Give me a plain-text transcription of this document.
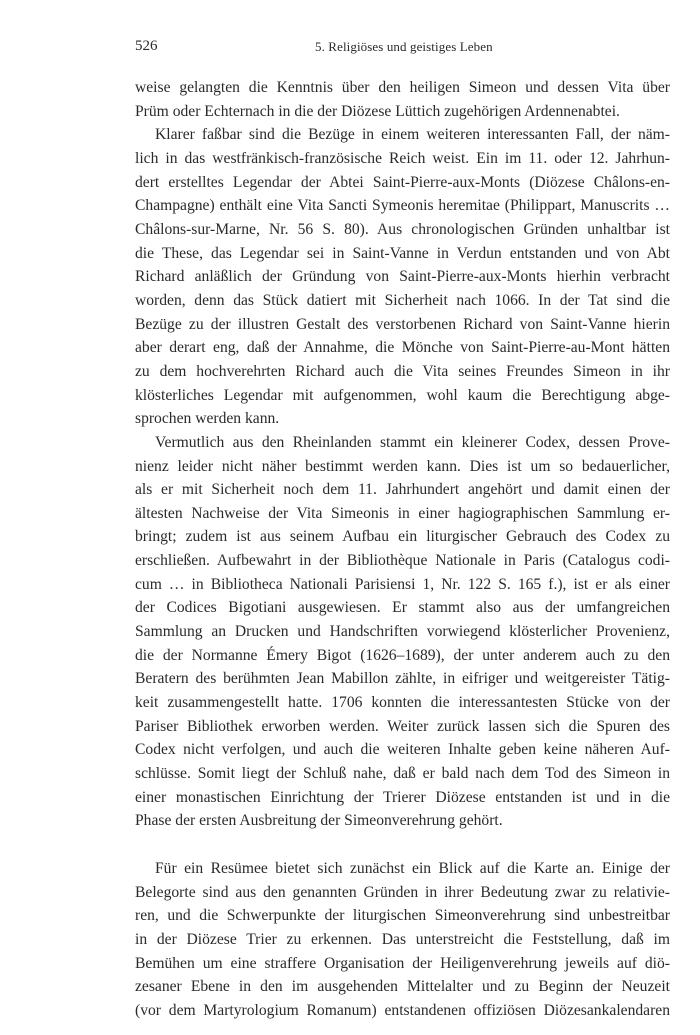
526	5. Religiöses und geistiges Leben
weise gelangten die Kenntnis über den heiligen Simeon und dessen Vita über
Prüm oder Echternach in die der Diözese Lüttich zugehörigen Ardennenabtei.
Klarer faßbar sind die Bezüge in einem weiteren interessanten Fall, der näm-
lich in das westfränkisch-französische Reich weist. Ein im 11. oder 12. Jahrhun-
dert erstelltes Legendar der Abtei Saint-Pierre-aux-Monts (Diözese Châlons-en-
Champagne) enthält eine Vita Sancti Symeonis heremitae (Philippart, Manuscrits …
Châlons-sur-Marne, Nr. 56 S. 80). Aus chronologischen Gründen unhaltbar ist
die These, das Legendar sei in Saint-Vanne in Verdun entstanden und von Abt
Richard anläßlich der Gründung von Saint-Pierre-aux-Monts hierhin verbracht
worden, denn das Stück datiert mit Sicherheit nach 1066. In der Tat sind die
Bezüge zu der illustren Gestalt des verstorbenen Richard von Saint-Vanne hierin
aber derart eng, daß der Annahme, die Mönche von Saint-Pierre-au-Mont hätten
zu dem hochverehrten Richard auch die Vita seines Freundes Simeon in ihr
klösterliches Legendar mit aufgenommen, wohl kaum die Berechtigung abge-
sprochen werden kann.
Vermutlich aus den Rheinlanden stammt ein kleinerer Codex, dessen Prove-
nienz leider nicht näher bestimmt werden kann. Dies ist um so bedauerlicher,
als er mit Sicherheit noch dem 11. Jahrhundert angehört und damit einen der
ältesten Nachweise der Vita Simeonis in einer hagiographischen Sammlung er-
bringt; zudem ist aus seinem Aufbau ein liturgischer Gebrauch des Codex zu
erschließen. Aufbewahrt in der Bibliothèque Nationale in Paris (Catalogus codi-
cum … in Bibliotheca Nationali Parisiensi 1, Nr. 122 S. 165 f.), ist er als einer
der Codices Bigotiani ausgewiesen. Er stammt also aus der umfangreichen
Sammlung an Drucken und Handschriften vorwiegend klösterlicher Provenienz,
die der Normanne Émery Bigot (1626–1689), der unter anderem auch zu den
Beratern des berühmten Jean Mabillon zählte, in eifriger und weitgereister Tätig-
keit zusammengestellt hatte. 1706 konnten die interessantesten Stücke von der
Pariser Bibliothek erworben werden. Weiter zurück lassen sich die Spuren des
Codex nicht verfolgen, und auch die weiteren Inhalte geben keine näheren Auf-
schlüsse. Somit liegt der Schluß nahe, daß er bald nach dem Tod des Simeon in
einer monastischen Einrichtung der Trierer Diözese entstanden ist und in die
Phase der ersten Ausbreitung der Simeonverehrung gehört.
Für ein Resümee bietet sich zunächst ein Blick auf die Karte an. Einige der
Belegorte sind aus den genannten Gründen in ihrer Bedeutung zwar zu relativie-
ren, und die Schwerpunkte der liturgischen Simeonverehrung sind unbestreitbar
in der Diözese Trier zu erkennen. Das unterstreicht die Feststellung, daß im
Bemühen um eine straffere Organisation der Heiligenverehrung jeweils auf diö-
zesaner Ebene in den im ausgehenden Mittelalter und zu Beginn der Neuzeit
(vor dem Martyrologium Romanum) entstandenen offiziösen Diözesankalendaren
